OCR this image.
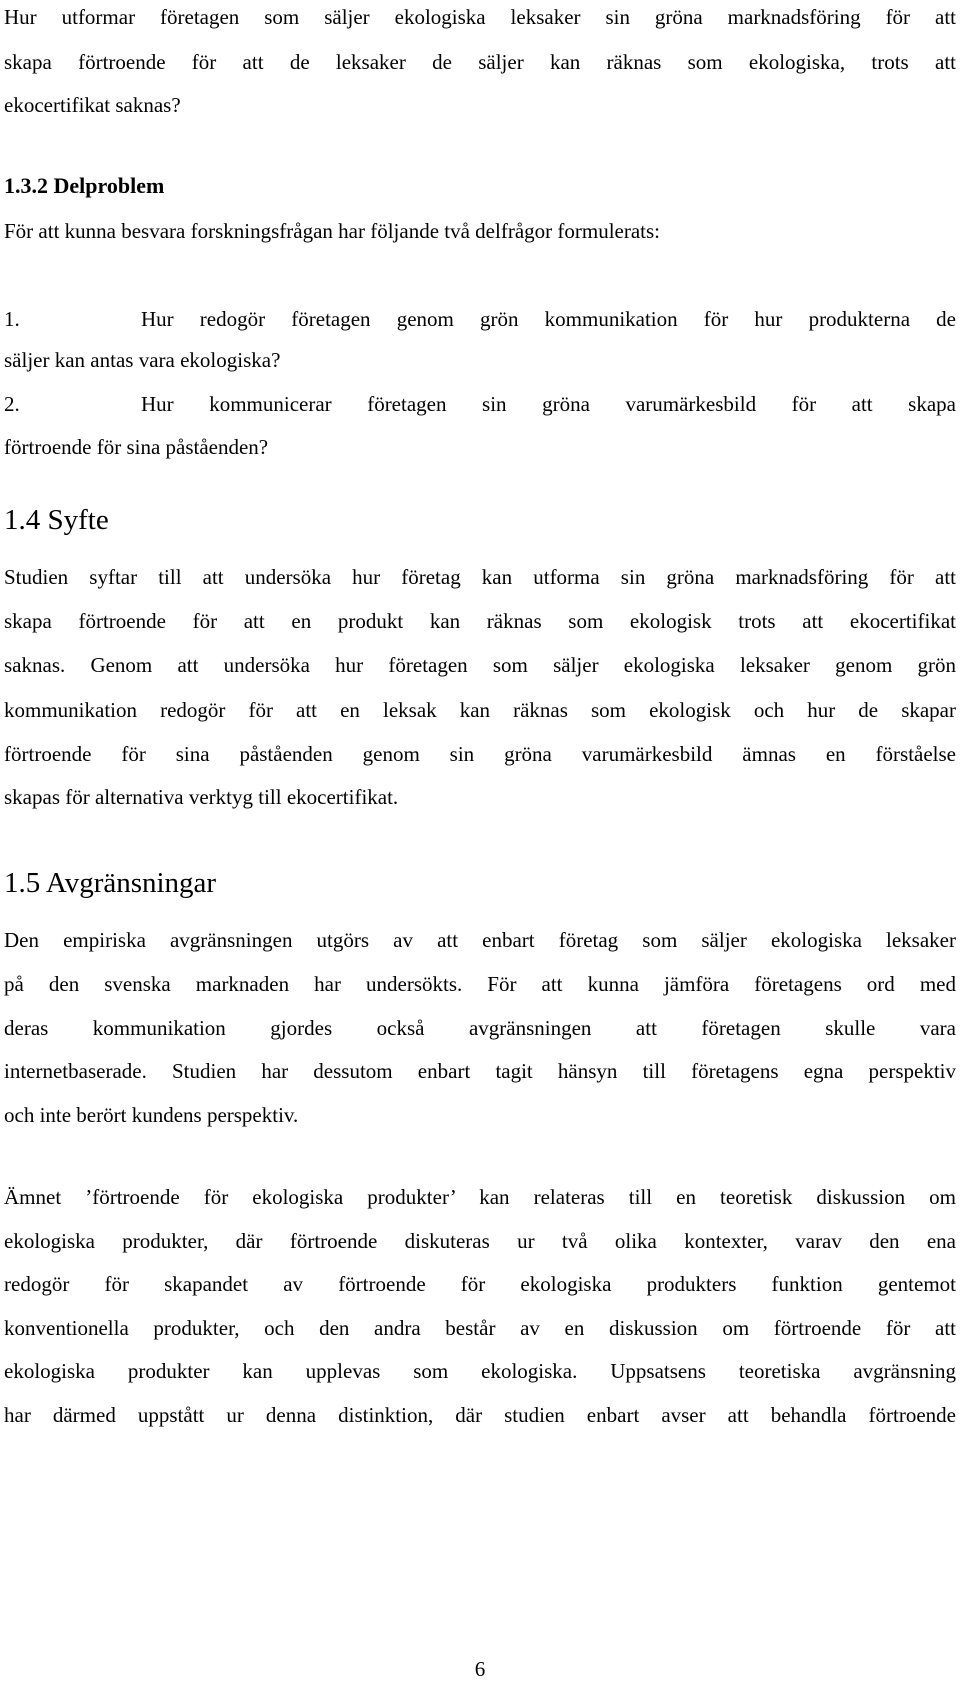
Hur utformar företagen som säljer ekologiska leksaker sin gröna marknadsföring för att
skapa förtroende för att de leksaker de säljer kan räknas som ekologiska, trots att
ekocertifikat saknas?
1.3.2 Delproblem
För att kunna besvara forskningsfrågan har följande två delfrågor formulerats:
1.	Hur redogör företagen genom grön kommunikation för hur produkterna de
säljer kan antas vara ekologiska?
2.	Hur kommunicerar företagen sin gröna varumärkesbild för att skapa
förtroende för sina påståenden?
1.4 Syfte
Studien syftar till att undersöka hur företag kan utforma sin gröna marknadsföring för att
skapa förtroende för att en produkt kan räknas som ekologisk trots att ekocertifikat
saknas. Genom att undersöka hur företagen som säljer ekologiska leksaker genom grön
kommunikation redogör för att en leksak kan räknas som ekologisk och hur de skapar
förtroende för sina påståenden genom sin gröna varumärkesbild ämnas en förståelse
skapas för alternativa verktyg till ekocertifikat.
1.5 Avgränsningar
Den empiriska avgränsningen utgörs av att enbart företag som säljer ekologiska leksaker
på den svenska marknaden har undersökts. För att kunna jämföra företagens ord med
deras kommunikation gjordes också avgränsningen att företagen skulle vara
internetbaserade. Studien har dessutom enbart tagit hänsyn till företagens egna perspektiv
och inte berört kundens perspektiv.
Ämnet ’förtroende för ekologiska produkter’ kan relateras till en teoretisk diskussion om
ekologiska produkter, där förtroende diskuteras ur två olika kontexter, varav den ena
redogör för skapandet av förtroende för ekologiska produkters funktion gentemot
konventionella produkter, och den andra består av en diskussion om förtroende för att
ekologiska produkter kan upplevas som ekologiska. Uppsatsens teoretiska avgränsning
har därmed uppstått ur denna distinktion, där studien enbart avser att behandla förtroende
6
